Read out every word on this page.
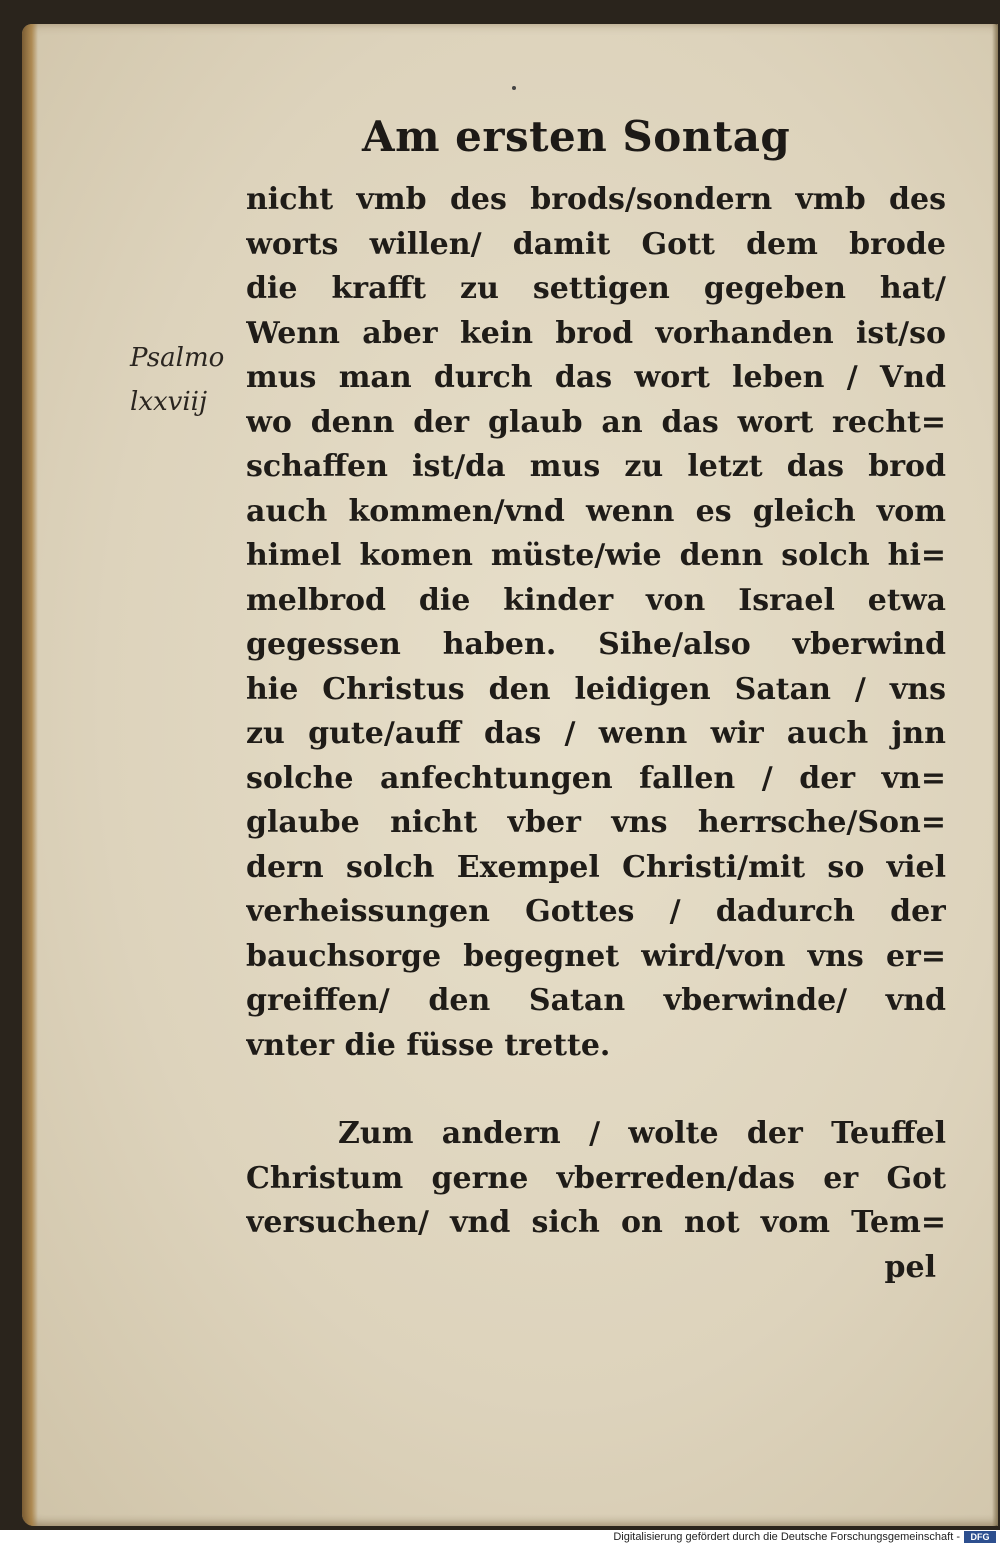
Am ersten Sontag
Psalmo
lxxviij
nicht vmb des brods/sondern vmb des
worts willen/ damit Gott dem brode
die krafft zu settigen gegeben hat/
Wenn aber kein brod vorhanden ist/so
mus man durch das wort leben / Vnd
wo denn der glaub an das wort recht=
schaffen ist/da mus zu letzt das brod
auch kommen/vnd wenn es gleich vom
himel komen müste/wie denn solch hi=
melbrod die kinder von Israel etwa
gegessen haben. Sihe/also vberwind
hie Christus den leidigen Satan / vns
zu gute/auff das / wenn wir auch jnn
solche anfechtungen fallen / der vn=
glaube nicht vber vns herrsche/Son=
dern solch Exempel Christi/mit so viel
verheissungen Gottes / dadurch der
bauchsorge begegnet wird/von vns er=
greiffen/ den Satan vberwinde/ vnd
vnter die füsse trette.
Zum andern / wolte der Teuffel
Christum gerne vberreden/das er Got
versuchen/ vnd sich on not vom Tem=
pel
Digitalisierung gefördert durch die Deutsche Forschungsgemeinschaft -	DFG
